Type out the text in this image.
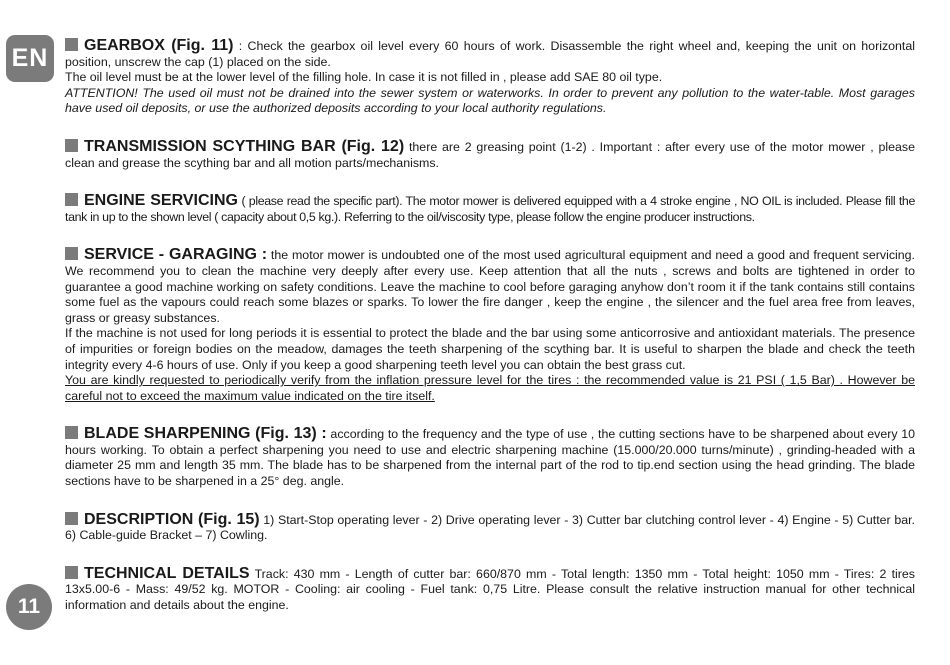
EN
11

GEARBOX (Fig. 11) : Check the gearbox oil level every 60 hours of work. Disassemble the right wheel and, keeping the unit on horizontal position, unscrew the cap (1) placed on the side.

The oil level must be at the lower level of the filling hole. In case it is not filled in , please add SAE 80 oil type.

ATTENTION! The used oil must not be drained into the sewer system or waterworks. In order to prevent any pollution to the water-table. Most garages have used oil deposits, or use the authorized deposits according to your local authority regulations.

TRANSMISSION SCYTHING BAR (Fig. 12) there are 2 greasing point (1-2) . Important : after every use of the motor mower , please clean and grease the scything bar and all motion parts/mechanisms.

ENGINE SERVICING ( please read the specific part). The motor mower is delivered equipped with a 4 stroke engine , NO OIL is included. Please fill the tank in up to the shown level ( capacity about 0,5 kg.). Referring to the oil/viscosity type, please follow the engine producer instructions.

SERVICE - GARAGING : the motor mower is undoubted one of the most used agricultural equipment and need a good and frequent servicing. We recommend you to clean the machine very deeply after every use. Keep attention that all the nuts , screws and bolts are tightened in order to guarantee a good machine working on safety conditions. Leave the machine to cool before garaging anyhow don’t room it if the tank contains still contains some fuel as the vapours could reach some blazes or sparks. To lower the fire danger , keep the engine , the silencer and the fuel area free from leaves, grass or greasy substances.

If the machine is not used for long periods it is essential to protect the blade and the bar using some anticorrosive and antioxidant materials. The presence of impurities or foreign bodies on the meadow, damages the teeth sharpening of the scything bar. It is useful to sharpen the blade and check the teeth integrity every 4-6 hours of use. Only if you keep a good sharpening teeth level you can obtain the best grass cut.

You are kindly requested to periodically verify from the inflation pressure level for the tires : the recommended value is 21 PSI ( 1,5 Bar) . However be careful not to exceed the maximum value indicated on the tire itself.

BLADE SHARPENING (Fig. 13) : according to the frequency and the type of use , the cutting sections have to be sharpened about every 10 hours working. To obtain a perfect sharpening you need to use and electric sharpening machine (15.000/20.000 turns/minute) , grinding-headed with a diameter 25 mm and length 35 mm. The blade has to be sharpened from the internal part of the rod to tip.end section using the head grinding. The blade sections have to be sharpened in a 25° deg. angle.

DESCRIPTION (Fig. 15) 1) Start-Stop operating lever - 2) Drive operating lever - 3) Cutter bar clutching control lever - 4) Engine - 5) Cutter bar. 6) Cable-guide Bracket – 7) Cowling.

TECHNICAL DETAILS Track: 430 mm - Length of cutter bar: 660/870 mm - Total length: 1350 mm - Total height: 1050 mm - Tires: 2 tires 13x5.00-6 - Mass: 49/52 kg. MOTOR - Cooling: air cooling - Fuel tank: 0,75 Litre. Please consult the relative instruction manual for other technical information and details about the engine.
